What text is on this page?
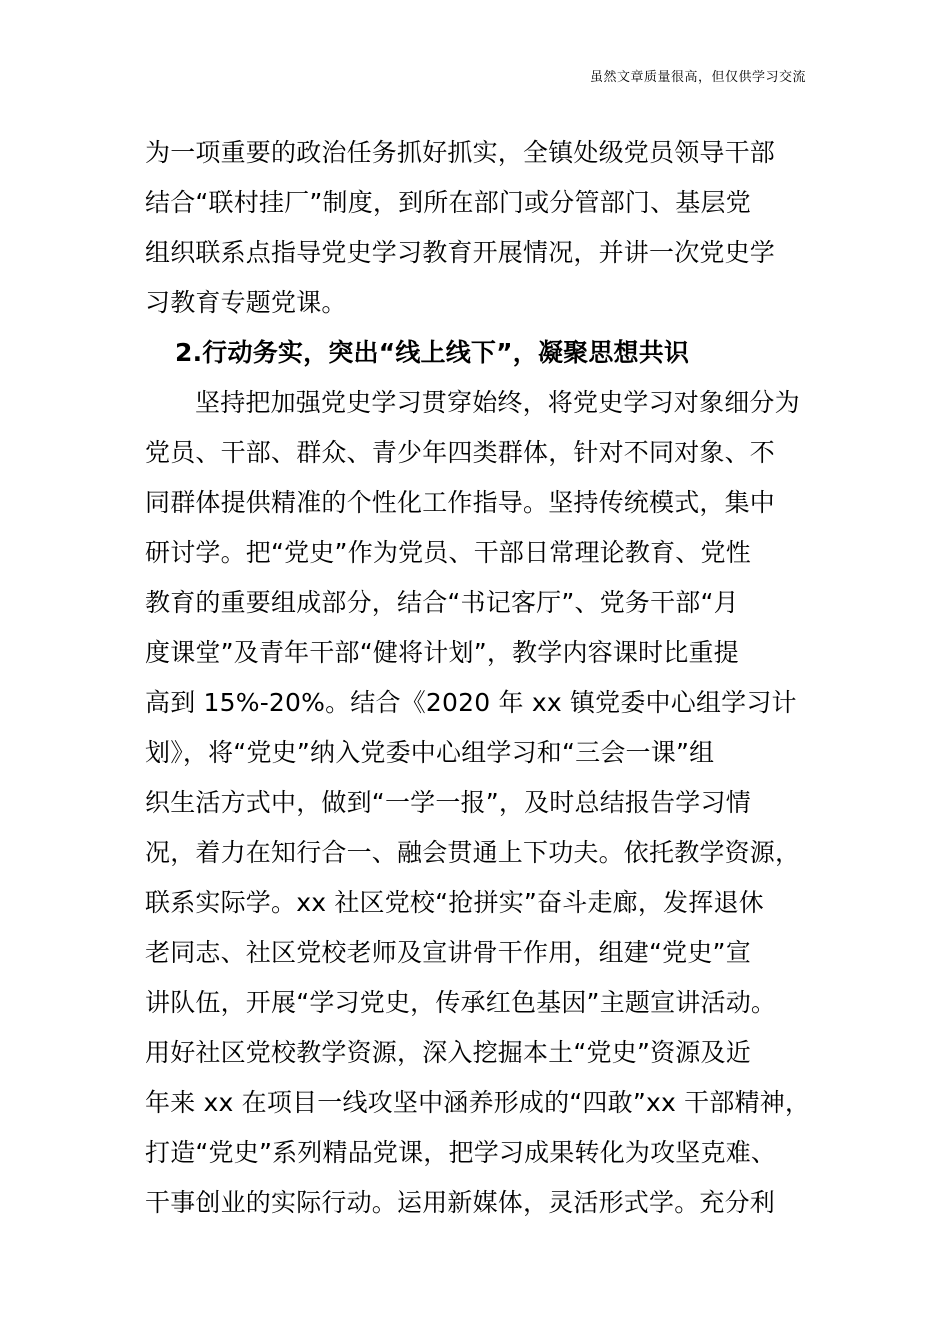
虽然文章质量很高，但仅供学习交流
为一项重要的政治任务抓好抓实，全镇处级党员领导干部
结合“联村挂厂”制度，到所在部门或分管部门、基层党
组织联系点指导党史学习教育开展情况，并讲一次党史学
习教育专题党课。
2.行动务实，突出“线上线下”，凝聚思想共识
坚持把加强党史学习贯穿始终，将党史学习对象细分为
党员、干部、群众、青少年四类群体，针对不同对象、不
同群体提供精准的个性化工作指导。坚持传统模式，集中
研讨学。把“党史”作为党员、干部日常理论教育、党性
教育的重要组成部分，结合“书记客厅”、党务干部“月
度课堂”及青年干部“健将计划”，教学内容课时比重提
高到 15%-20%。结合《2020 年 xx 镇党委中心组学习计
划》，将“党史”纳入党委中心组学习和“三会一课”组
织生活方式中，做到“一学一报”，及时总结报告学习情
况，着力在知行合一、融会贯通上下功夫。依托教学资源，
联系实际学。xx 社区党校“抢拼实”奋斗走廊，发挥退休
老同志、社区党校老师及宣讲骨干作用，组建“党史”宣
讲队伍，开展“学习党史，传承红色基因”主题宣讲活动。
用好社区党校教学资源，深入挖掘本土“党史”资源及近
年来 xx 在项目一线攻坚中涵养形成的“四敢”xx 干部精神，
打造“党史”系列精品党课，把学习成果转化为攻坚克难、
干事创业的实际行动。运用新媒体，灵活形式学。充分利
